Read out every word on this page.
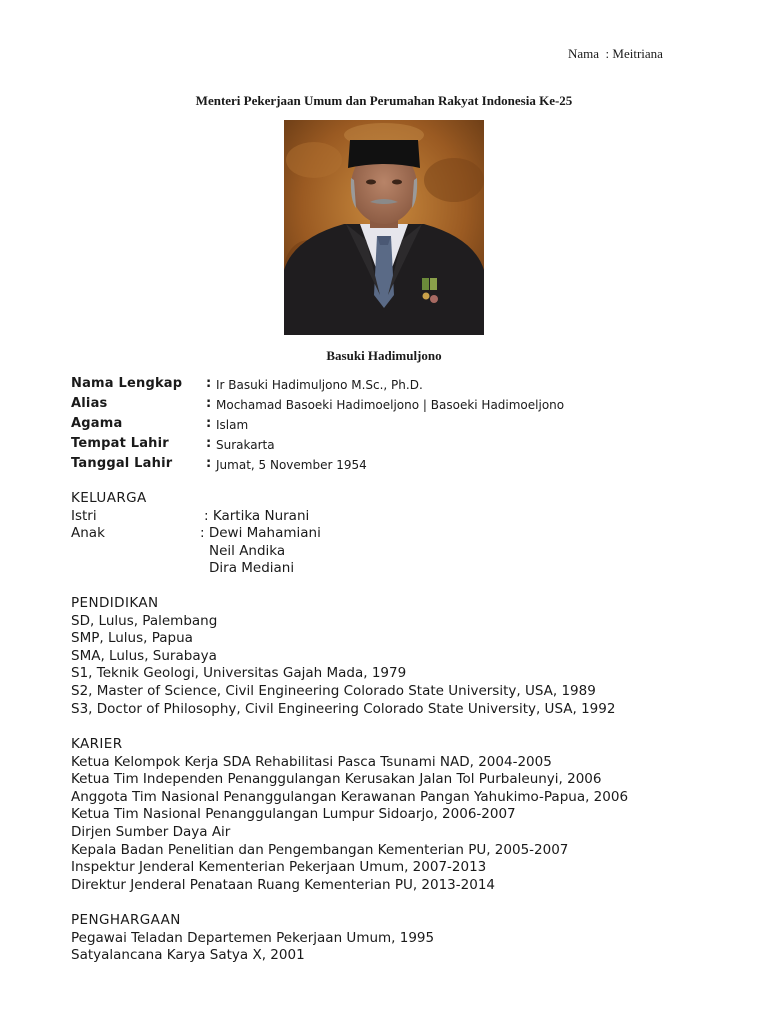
Nama  : Meitriana
Menteri Pekerjaan Umum dan Perumahan Rakyat Indonesia Ke-25
Basuki Hadimuljono
Nama Lengkap : Ir Basuki Hadimuljono M.Sc., Ph.D.
Alias	: Mochamad Basoeki Hadimoeljono | Basoeki Hadimoeljono
Agama	: Islam
Tempat Lahir	: Surakarta
Tanggal Lahir	: Jumat, 5 November 1954
KELUARGA
Istri	: Kartika Nurani
Anak	: Dewi Mahamiani
Neil Andika
Dira Mediani
PENDIDIKAN
SD, Lulus, Palembang
SMP, Lulus, Papua
SMA, Lulus, Surabaya
S1, Teknik Geologi, Universitas Gajah Mada, 1979
S2, Master of Science, Civil Engineering Colorado State University, USA, 1989
S3, Doctor of Philosophy, Civil Engineering Colorado State University, USA, 1992
KARIER
Ketua Kelompok Kerja SDA Rehabilitasi Pasca Tsunami NAD, 2004-2005
Ketua Tim Independen Penanggulangan Kerusakan Jalan Tol Purbaleunyi, 2006
Anggota Tim Nasional Penanggulangan Kerawanan Pangan Yahukimo-Papua, 2006
Ketua Tim Nasional Penanggulangan Lumpur Sidoarjo, 2006-2007
Dirjen Sumber Daya Air
Kepala Badan Penelitian dan Pengembangan Kementerian PU, 2005-2007
Inspektur Jenderal Kementerian Pekerjaan Umum, 2007-2013
Direktur Jenderal Penataan Ruang Kementerian PU, 2013-2014
PENGHARGAAN
Pegawai Teladan Departemen Pekerjaan Umum, 1995
Satyalancana Karya Satya X, 2001
